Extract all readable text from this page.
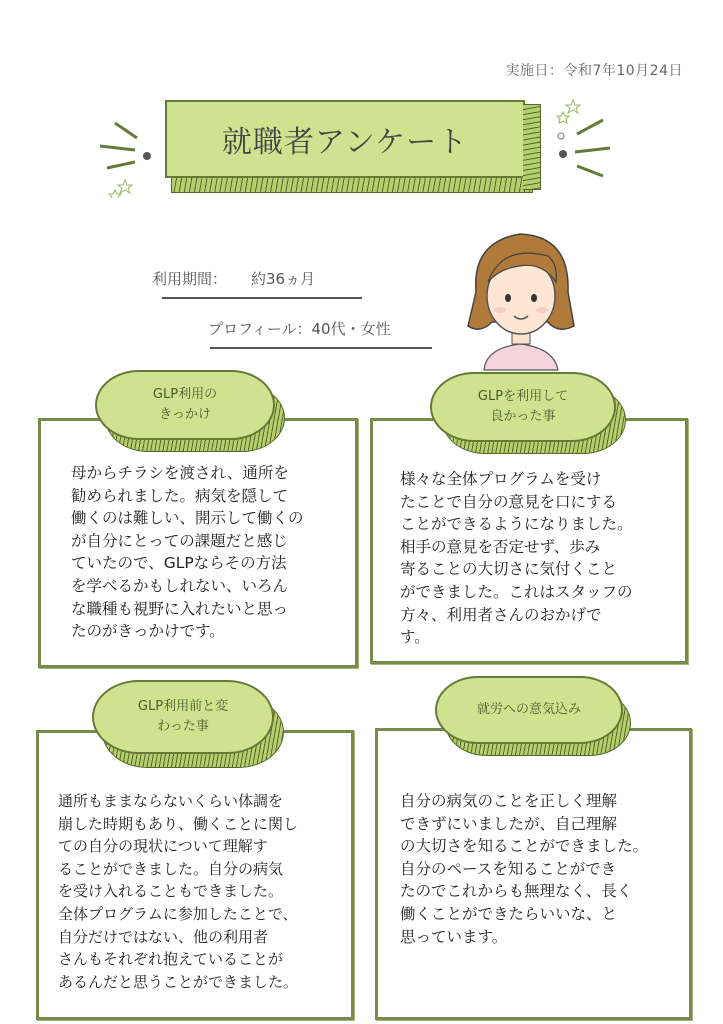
実施日：令和7年10月24日
就職者アンケート
利用期間： 約36ヵ月
プロフィール：40代・女性
母からチラシを渡され、通所を
勧められました。病気を隠して
働くのは難しい、開示して働くの
が自分にとっての課題だと感じ
ていたので、GLPならその方法
を学べるかもしれない、いろん
な職種も視野に入れたいと思っ
たのがきっかけです。
GLP利用の
きっかけ
様々な全体プログラムを受け
たことで自分の意見を口にする
ことができるようになりました。
相手の意見を否定せず、歩み
寄ることの大切さに気付くこと
ができました。これはスタッフの
方々、利用者さんのおかげで
す。
GLPを利用して
良かった事
通所もままならないくらい体調を
崩した時期もあり、働くことに関し
ての自分の現状について理解す
ることができました。自分の病気
を受け入れることもできました。
全体プログラムに参加したことで、
自分だけではない、他の利用者
さんもそれぞれ抱えていることが
あるんだと思うことができました。
GLP利用前と変
わった事
自分の病気のことを正しく理解
できずにいましたが、自己理解
の大切さを知ることができました。
自分のペースを知ることができ
たのでこれからも無理なく、長く
働くことができたらいいな、と
思っています。
就労への意気込み
